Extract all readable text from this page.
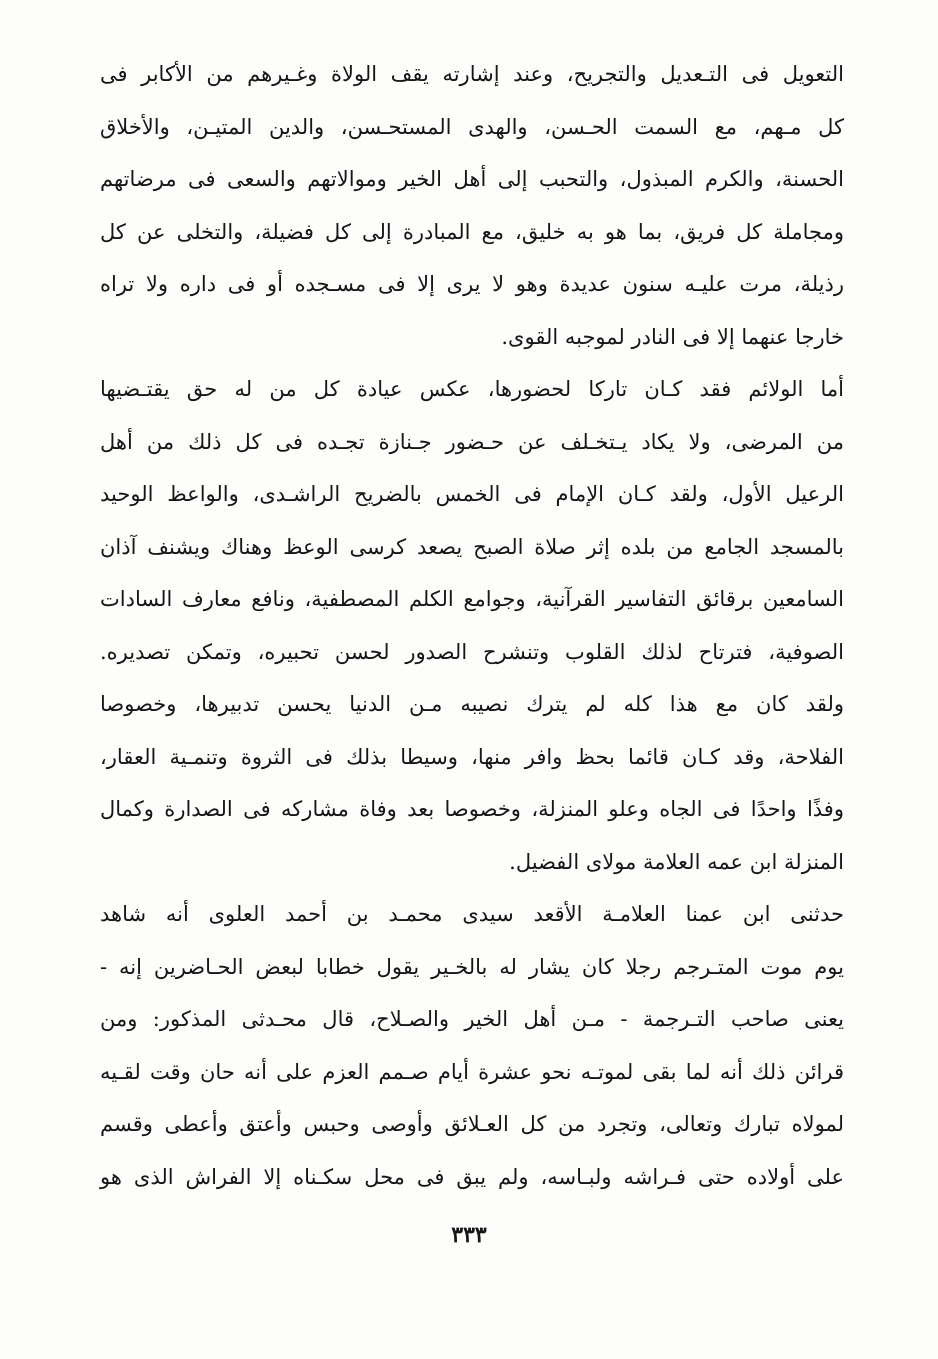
التعويل فى التـعديل والتجريح، وعند إشارته يقف الولاة وغـيرهم من الأكابر فى
كل مـهم، مع السمت الحـسن، والهدى المستحـسن، والدين المتيـن، والأخلاق
الحسنة، والكرم المبذول، والتحبب إلى أهل الخير وموالاتهم والسعى فى مرضاتهم
ومجاملة كل فريق، بما هو به خليق، مع المبادرة إلى كل فضيلة، والتخلى عن كل
رذيلة، مرت عليـه سنون عديدة وهو لا يرى إلا فى مسـجده أو فى داره ولا تراه
خارجا عنهما إلا فى النادر لموجبه القوى.
أما الولائم فقد كـان تاركا لحضورها، عكس عيادة كل من له حق يقتـضيها
من المرضى، ولا يكاد يـتخـلف عن حـضور جـنازة تجـده فى كل ذلك من أهل
الرعيل الأول، ولقد كـان الإمام فى الخمس بالضريح الراشـدى، والواعظ الوحيد
بالمسجد الجامع من بلده إثر صلاة الصبح يصعد كرسى الوعظ وهناك ويشنف آذان
السامعين برقائق التفاسير القرآنية، وجوامع الكلم المصطفية، ونافع معارف السادات
الصوفية، فترتاح لذلك القلوب وتنشرح الصدور لحسن تحبيره، وتمكن تصديره.
ولقد كان مع هذا كله لم يترك نصيبه مـن الدنيا يحسن تدبيرها، وخصوصا
الفلاحة، وقد كـان قائما بحظ وافر منها، وسيطا بذلك فى الثروة وتنمـية العقار،
وفذًا واحدًا فى الجاه وعلو المنزلة، وخصوصا بعد وفاة مشاركه فى الصدارة وكمال
المنزلة ابن عمه العلامة مولاى الفضيل.
حدثنى ابن عمنا العلامـة الأقعد سيدى محمـد بن أحمد العلوى أنه شاهد
يوم موت المتـرجم رجلا كان يشار له بالخـير يقول خطابا لبعض الحـاضرين إنه -
يعنى صاحب التـرجمة - مـن أهل الخير والصـلاح، قال محـدثى المذكور: ومن
قرائن ذلك أنه لما بقى لموتـه نحو عشرة أيام صـمم العزم على أنه حان وقت لقـيه
لمولاه تبارك وتعالى، وتجرد من كل العـلائق وأوصى وحبس وأعتق وأعطى وقسم
على أولاده حتى فـراشه ولبـاسه، ولم يبق فى محل سكـناه إلا الفراش الذى هو
٣٣٣
